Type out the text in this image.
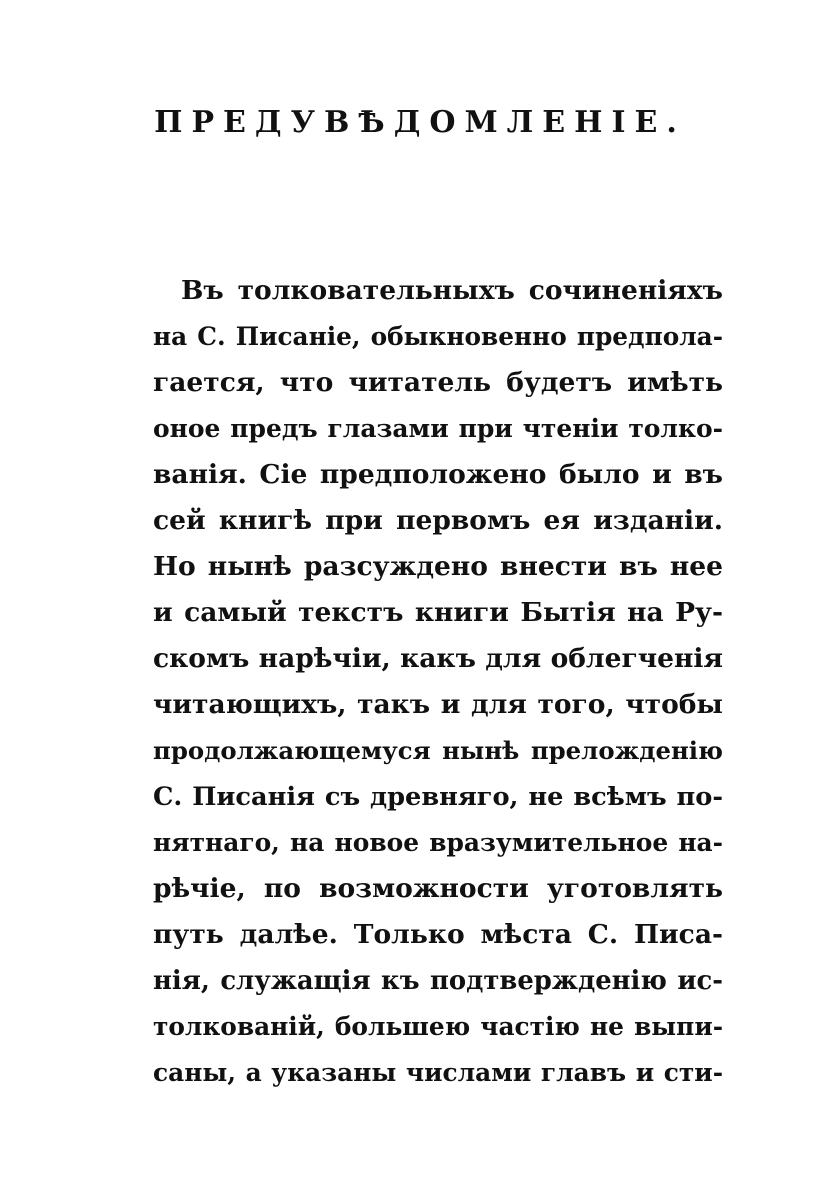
ПРЕДУВѢДОМЛЕНІЕ.
Въ толковательныхъ сочиненіяхъ
на С. Писаніе, обыкновенно предпола-
гается, что читатель будетъ имѣть
оное предъ глазами при чтеніи толко-
ванія. Сіе предположено было и въ
сей книгѣ при первомъ ея изданіи.
Но нынѣ разсуждено внести въ нее
и самый текстъ книги Бытія на Ру-
скомъ нарѣчіи, какъ для облегченія
читающихъ, такъ и для того, чтобы
продолжающемуся нынѣ преложденію
С. Писанія съ древняго, не всѣмъ по-
нятнаго, на новое вразумительное на-
рѣчіе, по возможности уготовлять
путь далѣе. Только мѣста С. Писа-
нія, служащія къ подтвержденію ис-
толкованій, большею частію не выпи-
саны, а указаны числами главъ и сти-
